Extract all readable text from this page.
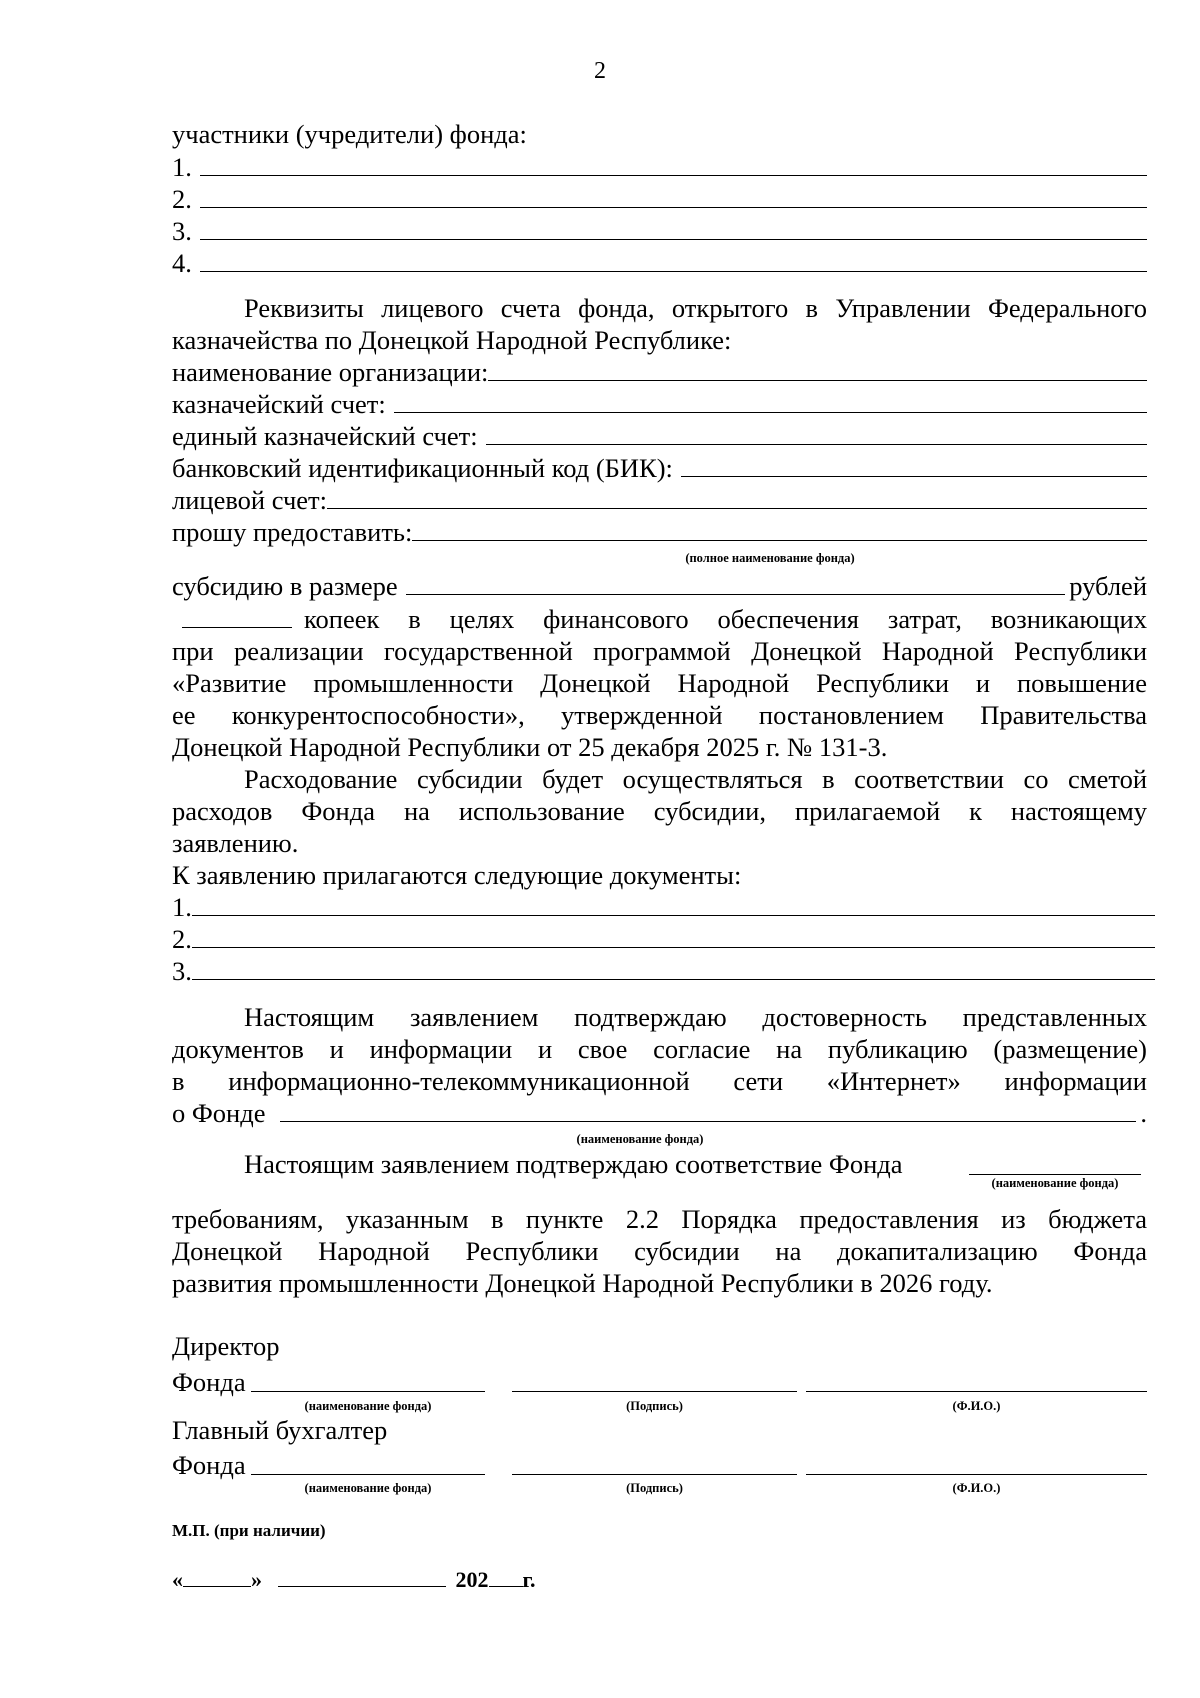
2
участники (учредители) фонда:
1.
2.
3.
4.
Реквизиты лицевого счета фонда, открытого в Управлении Федерального
казначейства по Донецкой Народной Республике:
наименование организации:
казначейский счет:
единый казначейский счет:
банковский идентификационный код (БИК):
лицевой счет:
прошу предоставить:
(полное наименование фонда)
субсидию в размере	рублей
копеек в целях финансового обеспечения затрат, возникающих
при реализации государственной программой Донецкой Народной Республики
«Развитие промышленности Донецкой Народной Республики и повышение
ее конкурентоспособности», утвержденной постановлением Правительства
Донецкой Народной Республики от 25 декабря 2025 г. № 131-3.
Расходование субсидии будет осуществляться в соответствии со сметой
расходов Фонда на использование субсидии, прилагаемой к настоящему
заявлению.
К заявлению прилагаются следующие документы:
1.
2.
3.
Настоящим заявлением подтверждаю достоверность представленных
документов и информации и свое согласие на публикацию (размещение)
в информационно-телекоммуникационной сети «Интернет» информации
о Фонде	.
(наименование фонда)
Настоящим заявлением подтверждаю соответствие Фонда
(наименование фонда)
требованиям, указанным в пункте 2.2 Порядка предоставления из бюджета
Донецкой Народной Республики субсидии на докапитализацию Фонда
развития промышленности Донецкой Народной Республики в 2026 году.
Директор
Фонда
(наименование фонда)	(Подпись)	(Ф.И.О.)
Главный бухгалтер
Фонда
(наименование фонда)	(Подпись)	(Ф.И.О.)
М.П. (при наличии)
«	»	202 г.
